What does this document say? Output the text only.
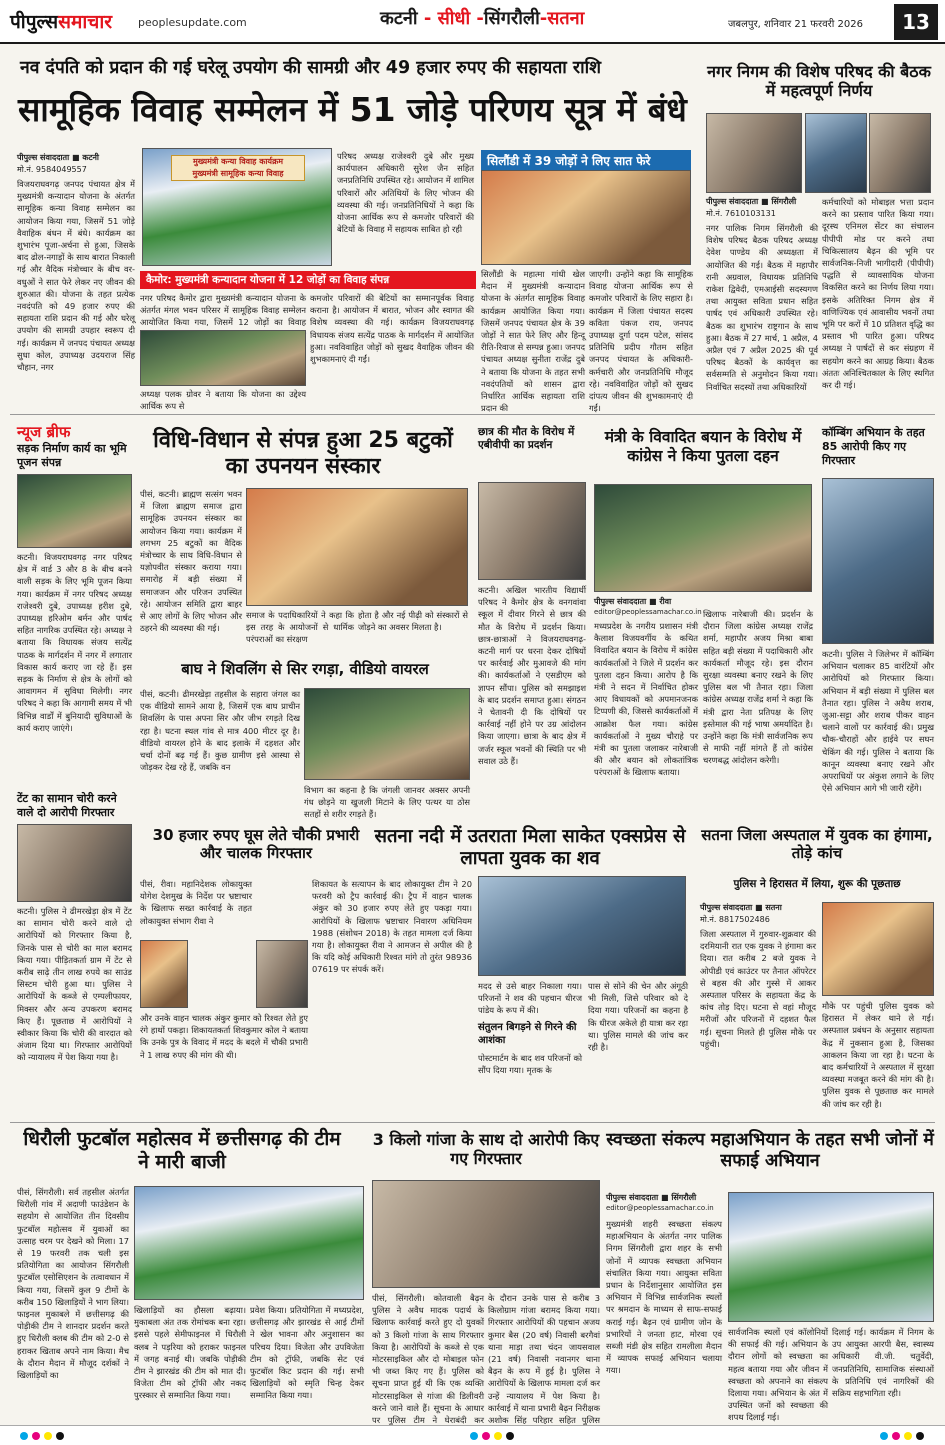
पीपुल्ससमाचार peoplesupdate.com	कटनी - सीधी -सिंगरौली-सतना	जबलपुर, शनिवार 21 फरवरी 2026	13
नव दंपति को प्रदान की गई घरेलू उपयोग की सामग्री और 49 हजार रुपए की सहायता राशि
सामूहिक विवाह सम्मेलन में 51 जोड़े परिणय सूत्र में बंधे
पीपुल्स संवाददाता ■ कटनी
मो.नं. 9584049557
विजयराघवगढ़ जनपद पंचायत क्षेत्र में मुख्यमंत्री कन्यादान योजना के अंतर्गत सामूहिक कन्या विवाह सम्मेलन का आयोजन किया गया, जिसमें 51 जोड़े वैवाहिक बंधन में बंधे। कार्यक्रम का शुभारंभ पूजा-अर्चना से हुआ, जिसके बाद ढोल-नगाड़ों के साथ बारात निकाली गई और वैदिक मंत्रोच्चार के बीच वर-वधुओं ने सात फेरे लेकर नए जीवन की शुरुआत की। योजना के तहत प्रत्येक नवदंपति को 49 हजार रुपए की सहायता राशि प्रदान की गई और घरेलू उपयोग की सामग्री उपहार स्वरूप दी गई। कार्यक्रम में जनपद पंचायत अध्यक्ष सुधा कोल, उपाध्यक्ष उदयराज सिंह चौहान, नगर
मुख्यमंत्री कन्या विवाह कार्यक्रम
मुख्यमंत्री सामूहिक कन्या विवाह
परिषद अध्यक्ष राजेश्वरी दुबे और मुख्य कार्यपालन अधिकारी सुरेश जैन सहित जनप्रतिनिधि उपस्थित रहे। आयोजन में शामिल परिवारों और अतिथियों के लिए भोजन की व्यवस्था की गई। जनप्रतिनिधियों ने कहा कि योजना आर्थिक रूप से कमजोर परिवारों की बेटियों के विवाह में सहायक साबित हो रही
कैमोर: मुख्यमंत्री कन्यादान योजना में 12 जोड़ों का विवाह संपन्न
नगर परिषद कैमोर द्वारा मुख्यमंत्री कन्यादान योजना के अंतर्गत मंगल भवन परिसर में सामूहिक विवाह सम्मेलन आयोजित किया गया, जिसमें 12 जोड़ों का विवाह
कमजोर परिवारों की बेटियों का सम्मानपूर्वक विवाह कराना है। आयोजन में बारात, भोजन और स्वागत की विशेष व्यवस्था की गई। कार्यक्रम विजयराघवगढ़ विधायक संजय सत्येंद्र पाठक के मार्गदर्शन में आयोजित हुआ। नवविवाहित जोड़ों को सुखद वैवाहिक जीवन की शुभकामनाएं दी गईं।
अध्यक्ष पलक ग्रोवर ने बताया कि योजना का उद्देश्य आर्थिक रूप से
सिलौंडी में 39 जोड़ों ने लिए सात फेरे
सिलौंडी के महात्मा गांधी खेल मैदान में मुख्यमंत्री कन्यादान योजना के अंतर्गत सामूहिक विवाह कार्यक्रम आयोजित किया गया। जिसमें जनपद पंचायत क्षेत्र के 39 जोड़ों ने सात फेरे लिए और हिन्दू रीति-रिवाज से सम्पन्न हुआ। जनपद पंचायत अध्यक्ष सुनीता राजेंद्र दुबे ने बताया कि योजना के तहत सभी नवदंपतियों को शासन द्वारा निर्धारित आर्थिक सहायता राशि प्रदान की
जाएगी। उन्होंने कहा कि सामूहिक विवाह योजना आर्थिक रूप से कमजोर परिवारों के लिए सहारा है। कार्यक्रम में जिला पंचायत सदस्य कविता पंकज राय, जनपद उपाध्यक्ष दुर्गा पदम पटेल, सांसद प्रतिनिधि प्रदीप गौतम सहित जनपद पंचायत के अधिकारी-कर्मचारी और जनप्रतिनिधि मौजूद रहे। नवविवाहित जोड़ों को सुखद दांपत्य जीवन की शुभकामनाएं दी गईं।
नगर निगम की विशेष परिषद की बैठक में महत्वपूर्ण निर्णय
पीपुल्स संवाददाता ■ सिंगरौली
मो.नं. 7610103131
नगर पालिक निगम सिंगरौली की विशेष परिषद बैठक परिषद अध्यक्ष देवेश पाण्डेय की अध्यक्षता में आयोजित की गई। बैठक में महापौर रानी अग्रवाल, विधायक प्रतिनिधि राकेश द्विवेदी, एमआईसी सदस्यगण तथा आयुक्त सविता प्रधान सहित पार्षद एवं अधिकारी उपस्थित रहे। बैठक का शुभारंभ राष्ट्रगान के साथ हुआ। बैठक में 27 मार्च, 1 अप्रैल, 4 अप्रैल एवं 7 अप्रैल 2025 की पूर्व परिषद बैठकों के कार्यवृत्त का सर्वसम्मति से अनुमोदन किया गया। निर्वाचित सदस्यों तथा अधिकारियों
कर्मचारियों को मोबाइल भत्ता प्रदान करने का प्रस्ताव पारित किया गया। दूरस्थ एनिमल सेंटर का संचालन पीपीपी मोड पर करने तथा चिकित्सालय बैढ़न की भूमि पर सार्वजनिक-निजी भागीदारी (पीपीपी) पद्धति से व्यावसायिक योजना विकसित करने का निर्णय लिया गया। इसके अतिरिक्त निगम क्षेत्र में वाणिज्यिक एवं आवासीय भवनों तथा भूमि पर करों में 10 प्रतिशत वृद्धि का प्रस्ताव भी पारित हुआ। परिषद अध्यक्ष ने पार्षदों से कर संग्रहण में सहयोग करने का आग्रह किया। बैठक अंततः अनिश्चितकाल के लिए स्थगित कर दी गई।
न्यूज ब्रीफ
सड़क निर्माण कार्य का भूमि पूजन संपन्न
कटनी। विजयराघवगढ़ नगर परिषद क्षेत्र में वार्ड 3 और 8 के बीच बनने वाली सड़क के लिए भूमि पूजन किया गया। कार्यक्रम में नगर परिषद अध्यक्ष राजेश्वरी दुबे, उपाध्यक्ष हरीश दुबे, उपाध्यक्ष हरिओम बर्मन और पार्षद सहित नागरिक उपस्थित रहे। अध्यक्ष ने बताया कि विधायक संजय सत्येंद्र पाठक के मार्गदर्शन में नगर में लगातार विकास कार्य कराए जा रहे हैं। इस सड़क के निर्माण से क्षेत्र के लोगों को आवागमन में सुविधा मिलेगी। नगर परिषद ने कहा कि आगामी समय में भी विभिन्न वार्डों में बुनियादी सुविधाओं के कार्य कराए जाएंगे।
टेंट का सामान चोरी करने वाले दो आरोपी गिरफ्तार
कटनी। पुलिस ने ढीमरखेड़ा क्षेत्र में टेंट का सामान चोरी करने वाले दो आरोपियों को गिरफ्तार किया है, जिनके पास से चोरी का माल बरामद किया गया। पीड़ितकर्ता ग्राम में टेंट से करीब साढ़े तीन लाख रुपये का साउंड सिस्टम चोरी हुआ था। पुलिस ने आरोपियों के कब्जे से एम्पलीफायर, मिक्सर और अन्य उपकरण बरामद किए हैं। पूछताछ में आरोपियों ने स्वीकार किया कि चोरी की वारदात को अंजाम दिया था। गिरफ्तार आरोपियों को न्यायालय में पेश किया गया है।
विधि-विधान से संपन्न हुआ 25 बटुकों का उपनयन संस्कार
पीसं, कटनी। ब्राह्मण सत्संग भवन में जिला ब्राह्मण समाज द्वारा सामूहिक उपनयन संस्कार का आयोजन किया गया। कार्यक्रम में लगभग 25 बटुकों का वैदिक मंत्रोच्चार के साथ विधि-विधान से यज्ञोपवीत संस्कार कराया गया। समारोह में बड़ी संख्या में समाजजन और परिजन उपस्थित रहे। आयोजन समिति द्वारा बाहर से आए लोगों के लिए भोजन और ठहरने की व्यवस्था की गई।
समाज के पदाधिकारियों ने कहा कि इस तरह के आयोजनों से धार्मिक परंपराओं का संरक्षण
होता है और नई पीढ़ी को संस्कारों से जोड़ने का अवसर मिलता है।
छात्र की मौत के विरोध में एबीवीपी का प्रदर्शन
कटनी। अखिल भारतीय विद्यार्थी परिषद ने कैमोर क्षेत्र के वनगवांवा स्कूल में दीवार गिरने से छात्र की मौत के विरोध में प्रदर्शन किया। छात्र-छात्राओं ने विजयराघवगढ़-कटनी मार्ग पर धरना देकर दोषियों पर कार्रवाई और मुआवजे की मांग की। कार्यकर्ताओं ने एसडीएम को ज्ञापन सौंपा। पुलिस को समझाइश के बाद प्रदर्शन समाप्त हुआ। संगठन ने चेतावनी दी कि दोषियों पर कार्रवाई नहीं होने पर उग्र आंदोलन किया जाएगा। छात्रा के बाद क्षेत्र में जर्जर स्कूल भवनों की स्थिति पर भी सवाल उठे हैं।
मंत्री के विवादित बयान के विरोध में कांग्रेस ने किया पुतला दहन
पीपुल्स संवाददाता ■ रीवा
editor@peoplessamachar.co.in
मध्यप्रदेश के नगरीय प्रशासन मंत्री कैलाश विजयवर्गीय के कथित विवादित बयान के विरोध में कांग्रेस कार्यकर्ताओं ने जिले में प्रदर्शन कर पुतला दहन किया। आरोप है कि मंत्री ने सदन में निर्वाचित होकर आए विधायकों को अपमानजनक टिप्पणी की, जिससे कार्यकर्ताओं में आक्रोश फैल गया। कांग्रेस कार्यकर्ताओं ने मुख्य चौराहे पर मंत्री का पुतला जलाकर नारेबाजी की और बयान को लोकतांत्रिक परंपराओं के खिलाफ बताया।
खिलाफ नारेबाजी की। प्रदर्शन के दौरान जिला कांग्रेस अध्यक्ष राजेंद्र शर्मा, महापौर अजय मिश्रा बाबा सहित बड़ी संख्या में पदाधिकारी और कार्यकर्ता मौजूद रहे। इस दौरान सुरक्षा व्यवस्था बनाए रखने के लिए पुलिस बल भी तैनात रहा। जिला कांग्रेस अध्यक्ष राजेंद्र शर्मा ने कहा कि मंत्री द्वारा नेता प्रतिपक्ष के लिए इस्तेमाल की गई भाषा अमर्यादित है। उन्होंने कहा कि मंत्री सार्वजनिक रूप से माफी नहीं मांगते हैं तो कांग्रेस चरणबद्ध आंदोलन करेगी।
कॉम्बिंग अभियान के तहत 85 आरोपी किए गए गिरफ्तार
कटनी। पुलिस ने जिलेभर में कॉम्बिंग अभियान चलाकर 85 वारंटियों और आरोपियों को गिरफ्तार किया। अभियान में बड़ी संख्या में पुलिस बल तैनात रहा। पुलिस ने अवैध शराब, जुआ-सट्टा और शराब पीकर वाहन चलाने वालों पर कार्रवाई की। प्रमुख चौक-चौराहों और हाईवे पर सघन चेकिंग की गई। पुलिस ने बताया कि कानून व्यवस्था बनाए रखने और अपराधियों पर अंकुश लगाने के लिए ऐसे अभियान आगे भी जारी रहेंगे।
बाघ ने शिवलिंग से सिर रगड़ा, वीडियो वायरल
पीसं, कटनी। ढीमरखेड़ा तहसील के सहारा जंगल का एक वीडियो सामने आया है, जिसमें एक बाघ प्राचीन शिवलिंग के पास अपना सिर और जीभ रगड़ते दिख रहा है। घटना स्थल गांव से मात्र 400 मीटर दूर है। वीडियो वायरल होने के बाद इलाके में दहशत और चर्चा दोनों बढ़ गई हैं। कुछ ग्रामीण इसे आस्था से जोड़कर देख रहे हैं, जबकि वन
विभाग का कहना है कि जंगली जानवर अक्सर अपनी गंध छोड़ने या खुजली मिटाने के लिए पत्थर या ठोस सतहों से शरीर रगड़ते हैं।
30 हजार रुपए घूस लेते चौकी प्रभारी और चालक गिरफ्तार
पीसं, रीवा। महानिदेशक लोकायुक्त योगेश देशमुख के निर्देश पर भ्रष्टाचार के खिलाफ सख्त कार्रवाई के तहत लोकायुक्त संभाग रीवा ने
और उनके वाहन चालक अंकुर कुमार को रिश्वत लेते हुए रंगे हाथों पकड़ा। शिकायतकर्ता शिवकुमार कोल ने बताया कि उनके पुत्र के विवाद में मदद के बदले में चौकी प्रभारी ने 1 लाख रुपए की मांग की थी।
शिकायत के सत्यापन के बाद लोकायुक्त टीम ने 20 फरवरी को ट्रैप कार्रवाई की। ट्रैप में वाहन चालक अंकुर को 30 हजार रुपए लेते हुए पकड़ा गया। आरोपियों के खिलाफ भ्रष्टाचार निवारण अधिनियम 1988 (संशोधन 2018) के तहत मामला दर्ज किया गया है। लोकायुक्त रीवा ने आमजन से अपील की है कि यदि कोई अधिकारी रिश्वत मांगे तो तुरंत 98936 07619 पर संपर्क करें।
सतना नदी में उतराता मिला साकेत एक्सप्रेस से लापता युवक का शव
मदद से उसे बाहर निकाला गया। परिजनों ने शव की पहचान धीरज पांडेय के रूप में की।
संतुलन बिगड़ने से गिरने की आशंका
पोस्टमार्टम के बाद शव परिजनों को सौंप दिया गया। मृतक के
पास से सोने की चेन और अंगूठी भी मिली, जिसे परिवार को दे दिया गया। परिजनों का कहना है कि धीरज अकेले ही यात्रा कर रहा था। पुलिस मामले की जांच कर रही है।
सतना जिला अस्पताल में युवक का हंगामा, तोड़े कांच
पुलिस ने हिरासत में लिया, शुरू की पूछताछ
पीपुल्स संवाददाता ■ सतना
मो.नं. 8817502486
जिला अस्पताल में गुरुवार-शुक्रवार की दरमियानी रात एक युवक ने हंगामा कर दिया। रात करीब 2 बजे युवक ने ओपीडी एवं काउंटर पर तैनात ऑपरेटर से बहस की और गुस्से में आकर अस्पताल परिसर के सहायता केंद्र के कांच तोड़ दिए। घटना से वहां मौजूद मरीजों और परिजनों में दहशत फैल गई। सूचना मिलते ही पुलिस मौके पर पहुंची।
मौके पर पहुंची पुलिस युवक को हिरासत में लेकर थाने ले गई। अस्पताल प्रबंधन के अनुसार सहायता केंद्र में नुकसान हुआ है, जिसका आकलन किया जा रहा है। घटना के बाद कर्मचारियों ने अस्पताल में सुरक्षा व्यवस्था मजबूत करने की मांग की है। पुलिस युवक से पूछताछ कर मामले की जांच कर रही है।
धिरौली फुटबॉल महोत्सव में छत्तीसगढ़ की टीम ने मारी बाजी
पीसं, सिंगरौली। सर्व तहसील अंतर्गत धिरौली गांव में अदाणी फाउंडेशन के सहयोग से आयोजित तीन दिवसीय फुटबॉल महोत्सव में युवाओं का उत्साह चरम पर देखने को मिला। 17 से 19 फरवरी तक चली इस प्रतियोगिता का आयोजन सिंगरौली फुटबॉल एसोसिएशन के तत्वावधान में किया गया, जिसमें कुल 9 टीमों के करीब 150 खिलाड़ियों ने भाग लिया। फाइनल मुकाबले में छत्तीसगढ़ की पोड़ीकी टीम ने शानदार प्रदर्शन करते हुए धिरौली क्लब की टीम को 2-0 से हराकर खिताब अपने नाम किया। मैच के दौरान मैदान में मौजूद दर्शकों ने खिलाड़ियों का
खिलाड़ियों का हौसला बढ़ाया। मुकाबला अंत तक रोमांचक बना रहा। इससे पहले सेमीफाइनल में धिरौली क्लब ने पड़रिया को हराकर फाइनल में जगह बनाई थी। जबकि पोड़ीकी टीम ने झारखंड की टीम को मात दी। विजेता टीम को ट्रॉफी और नकद पुरस्कार से सम्मानित किया गया।
प्रवेश किया। प्रतियोगिता में मध्यप्रदेश, छत्तीसगढ़ और झारखंड से आई टीमों ने खेल भावना और अनुशासन का परिचय दिया। विजेता और उपविजेता टीम को ट्रॉफी, जबकि सेट एवं फुटबॉल किट प्रदान की गई। सभी खिलाड़ियों को स्मृति चिन्ह देकर सम्मानित किया गया।
3 किलो गांजा के साथ दो आरोपी किए गए गिरफ्तार
पीसं, सिंगरौली। कोतवाली बैढ़न पुलिस ने अवैध मादक पदार्थ के खिलाफ कार्रवाई करते हुए दो युवकों को 3 किलो गांजा के साथ गिरफ्तार किया है। आरोपियों के कब्जे से एक मोटरसाइकिल और दो मोबाइल फोन भी जब्त किए गए हैं। पुलिस को सूचना प्राप्त हुई थी कि एक व्यक्ति मोटरसाइकिल से गांजा की डिलीवरी करने जाने वाले हैं। सूचना के आधार पर पुलिस टीम ने घेराबंदी कर
के दौरान उनके पास से करीब 3 किलोग्राम गांजा बरामद किया गया। गिरफ्तार आरोपियों की पहचान अजय कुमार बैस (20 वर्ष) निवासी बरगैवां थाना माड़ा तथा चंदन जायसवाल (21 वर्ष) निवासी नवानगर थाना बैढ़न के रूप में हुई है। पुलिस ने आरोपियों के खिलाफ मामला दर्ज कर उन्हें न्यायालय में पेश किया है। कार्रवाई में थाना प्रभारी बैढ़न निरीक्षक अशोक सिंह परिहार सहित पुलिस
स्वच्छता संकल्प महाअभियान के तहत सभी जोनों में सफाई अभियान
पीपुल्स संवाददाता ■ सिंगरौली
editor@peoplessamachar.co.in
मुख्यमंत्री शहरी स्वच्छता संकल्प महाअभियान के अंतर्गत नगर पालिक निगम सिंगरौली द्वारा शहर के सभी जोनों में व्यापक स्वच्छता अभियान संचालित किया गया। आयुक्त सविता प्रधान के निर्देशानुसार आयोजित इस अभियान में विभिन्न सार्वजनिक स्थलों पर श्रमदान के माध्यम से साफ-सफाई कराई गई। बैढ़न एवं ग्रामीण जोन के प्रभारियों ने जनता हाट, मोरवा एवं सब्जी मंडी क्षेत्र सहित रामलीला मैदान में व्यापक सफाई अभियान चलाया गया।
सार्वजनिक स्थलों एवं कॉलोनियों की सफाई की गई। अभियान के दौरान लोगों को स्वच्छता का महत्व बताया गया और जीवन में स्वच्छता को अपनाने का संकल्प दिलाया गया। अभियान के अंत में उपस्थित जनों को स्वच्छता की शपथ दिलाई गई।
दिलाई गई। कार्यक्रम में निगम के उप आयुक्त आरपी बैस, स्वास्थ्य अधिकारी वी.जी. चतुर्वेदी, जनप्रतिनिधि, सामाजिक संस्थाओं के प्रतिनिधि एवं नागरिकों की सक्रिय सहभागिता रही।
